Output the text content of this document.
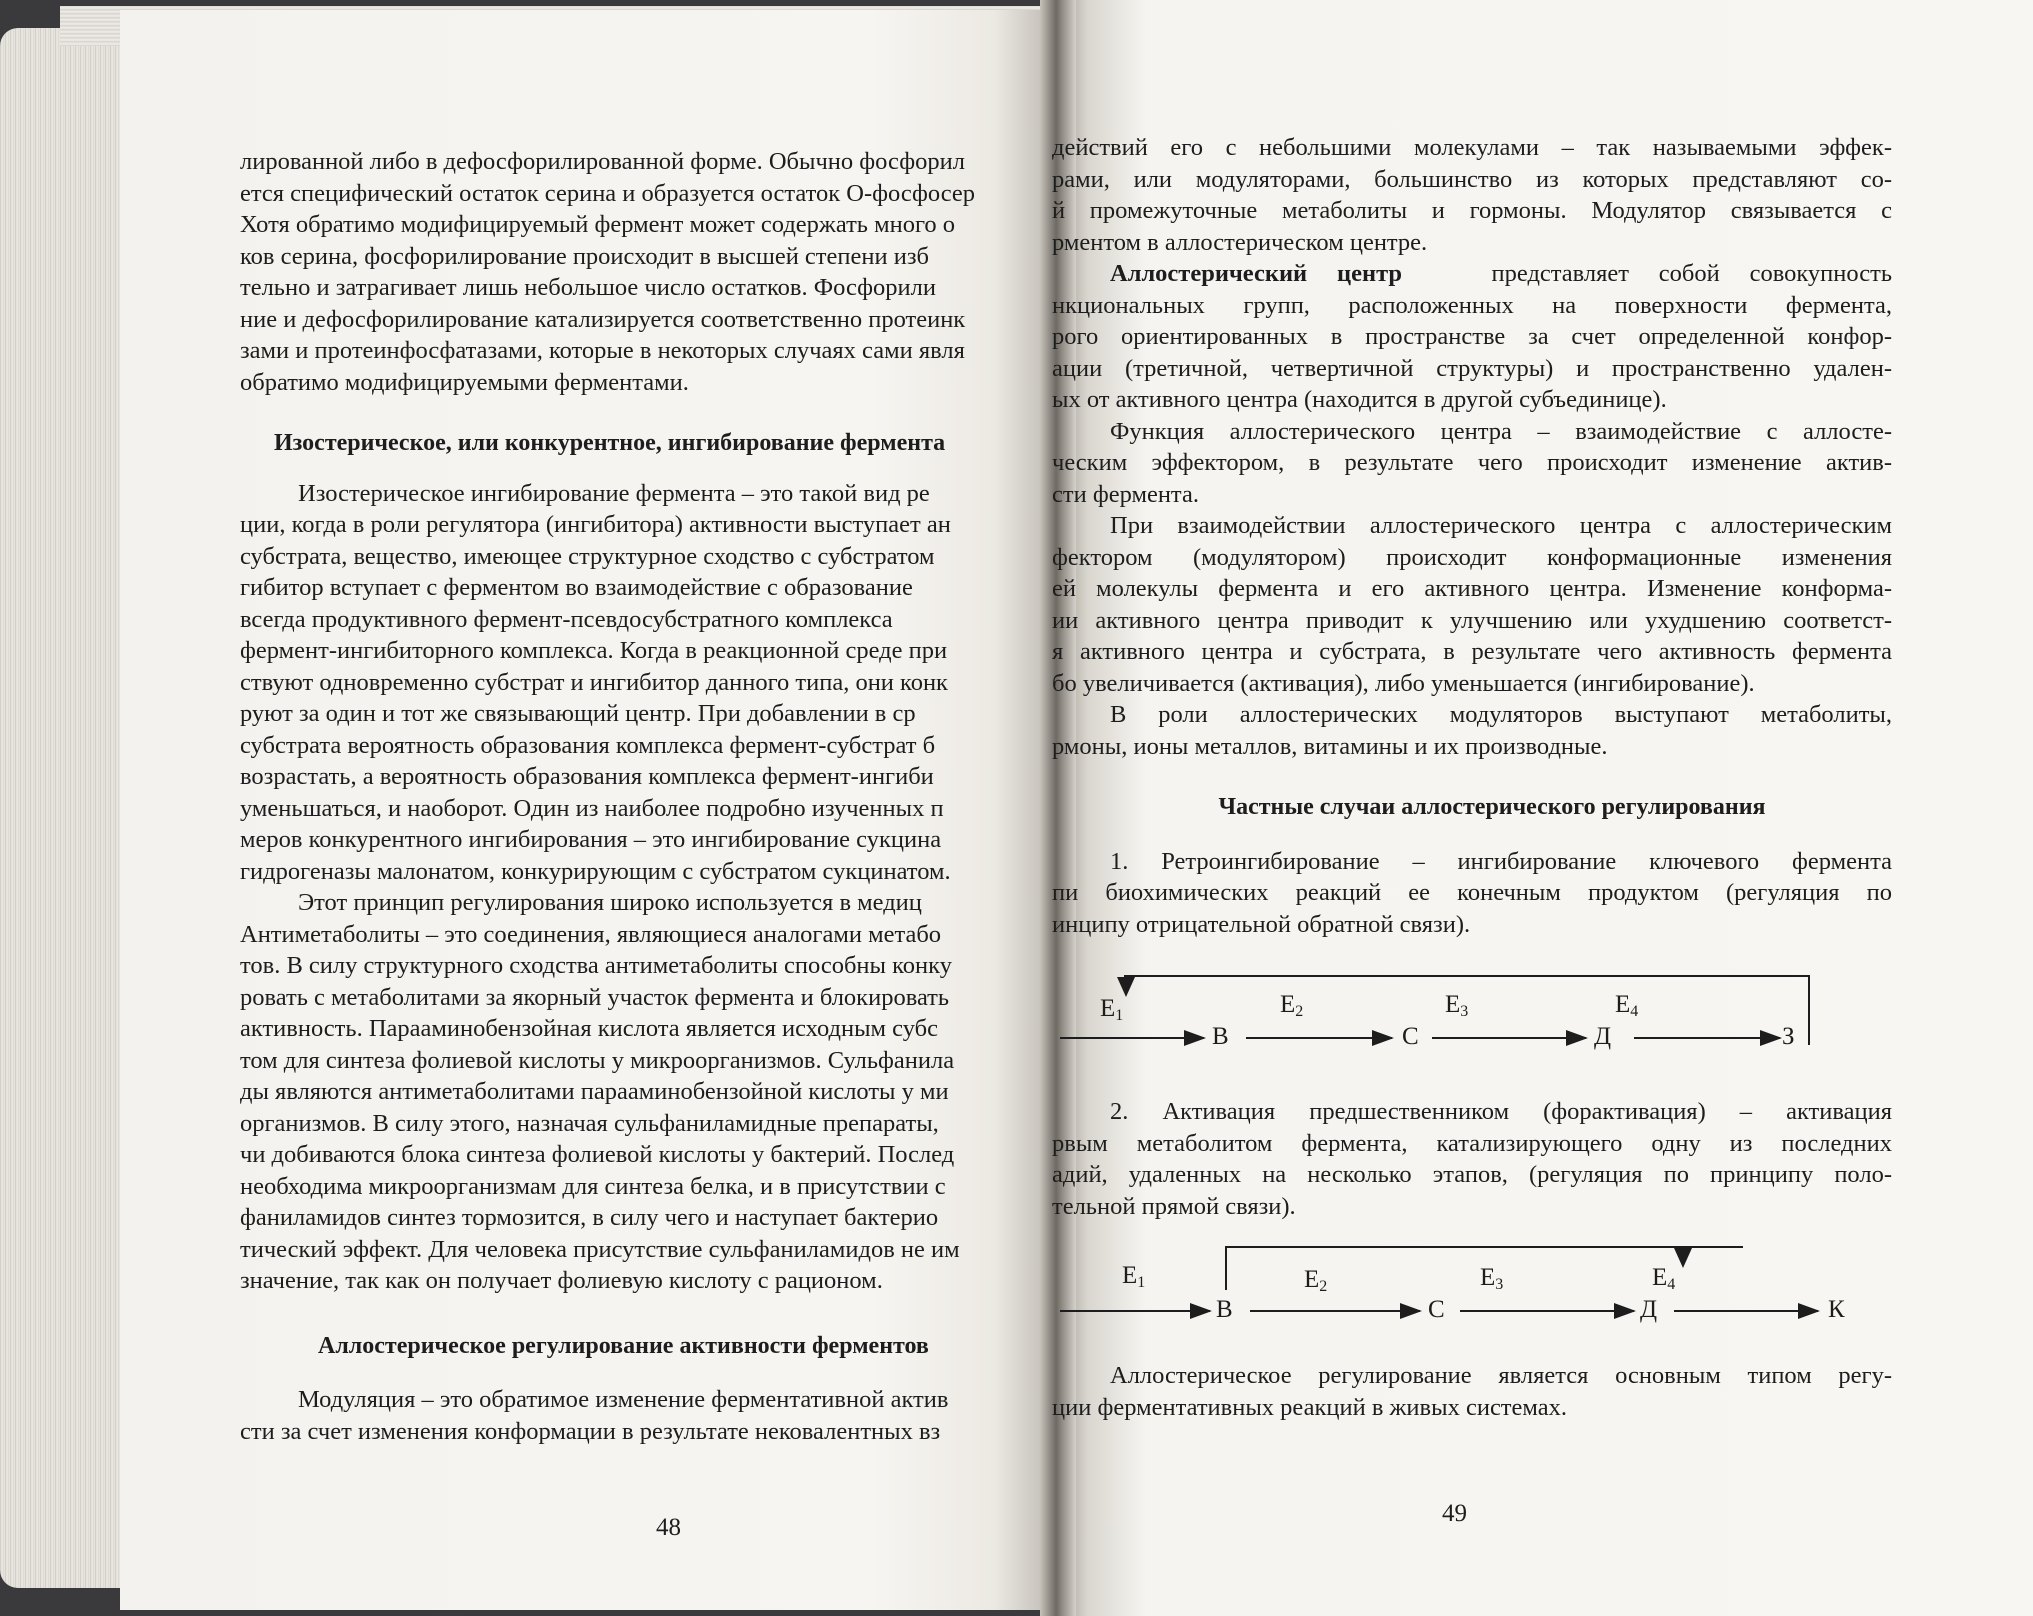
лированной либо в дефосфорилированной форме. Обычно фосфорил
ется специфический остаток серина и образуется остаток О-фосфосер
Хотя обратимо модифицируемый фермент может содержать много о
ков серина, фосфорилирование происходит в высшей степени изб
тельно и затрагивает лишь небольшое число остатков. Фосфорили
ние и дефосфорилирование катализируется соответственно протеинк
зами и протеинфосфатазами, которые в некоторых случаях сами явля
обратимо модифицируемыми ферментами.
Изостерическое, или конкурентное, ингибирование фермента
Изостерическое ингибирование фермента – это такой вид ре
ции, когда в роли регулятора (ингибитора) активности выступает ан
субстрата, вещество, имеющее структурное сходство с субстратом
гибитор вступает с ферментом во взаимодействие с образование
всегда продуктивного фермент-псевдосубстратного комплекса
фермент-ингибиторного комплекса. Когда в реакционной среде при
ствуют одновременно субстрат и ингибитор данного типа, они конк
руют за один и тот же связывающий центр. При добавлении в ср
субстрата вероятность образования комплекса фермент-субстрат б
возрастать, а вероятность образования комплекса фермент-ингиби
уменьшаться, и наоборот. Один из наиболее подробно изученных п
меров конкурентного ингибирования – это ингибирование сукцина
гидрогеназы малонатом, конкурирующим с субстратом сукцинатом.
Этот принцип регулирования широко используется в медиц
Антиметаболиты – это соединения, являющиеся аналогами метабо
тов. В силу структурного сходства антиметаболиты способны конку
ровать с метаболитами за якорный участок фермента и блокировать
активность. Парааминобензойная кислота является исходным субс
том для синтеза фолиевой кислоты у микроорганизмов. Сульфанила
ды являются антиметаболитами парааминобензойной кислоты у ми
организмов. В силу этого, назначая сульфаниламидные препараты,
чи добиваются блока синтеза фолиевой кислоты у бактерий. Послед
необходима микроорганизмам для синтеза белка, и в присутствии с
фаниламидов синтез тормозится, в силу чего и наступает бактерио
тический эффект. Для человека присутствие сульфаниламидов не им
значение, так как он получает фолиевую кислоту с рационом.
Аллостерическое регулирование активности ферментов
Модуляция – это обратимое изменение ферментативной актив
сти за счет изменения конформации в результате нековалентных вз
48
действий его с небольшими молекулами – так называемыми эффек-
рами, или модуляторами, большинство из которых представляют со-
й промежуточные метаболиты и гормоны. Модулятор связывается с
рментом в аллостерическом центре.
Аллостерический центр	представляет собой совокупность
нкциональных групп, расположенных на поверхности фермента,
рого ориентированных в пространстве за счет определенной конфор-
ации (третичной, четвертичной структуры) и пространственно удален-
ых от активного центра (находится в другой субъединице).
Функция аллостерического центра – взаимодействие с аллосте-
ческим эффектором, в результате чего происходит изменение актив-
сти фермента.
При взаимодействии аллостерического центра с аллостерическим
фектором (модулятором) происходит конформационные изменения
ей молекулы фермента и его активного центра. Изменение конформа-
ии активного центра приводит к улучшению или ухудшению соответст-
я активного центра и субстрата, в результате чего активность фермента
бо увеличивается (активация), либо уменьшается (ингибирование).
В роли аллостерических модуляторов выступают метаболиты,
рмоны, ионы металлов, витамины и их производные.
Частные случаи аллостерического регулирования
1. Ретроингибирование – ингибирование ключевого фермента
пи биохимических реакций ее конечным продуктом (регуляция по
инципу отрицательной обратной связи).
$E_1$	$E_2$	$E_3$	$E_4$
В	С	Д	З
2. Активация предшественником (форактивация) – активация
рвым метаболитом фермента, катализирующего одну из последних
адий, удаленных на несколько этапов, (регуляция по принципу поло-
тельной прямой связи).
$E_1$	$E_2$	$E_3$	$E_4$
В	С	Д	К
Аллостерическое регулирование является основным типом регу-
ции ферментативных реакций в живых системах.
49
